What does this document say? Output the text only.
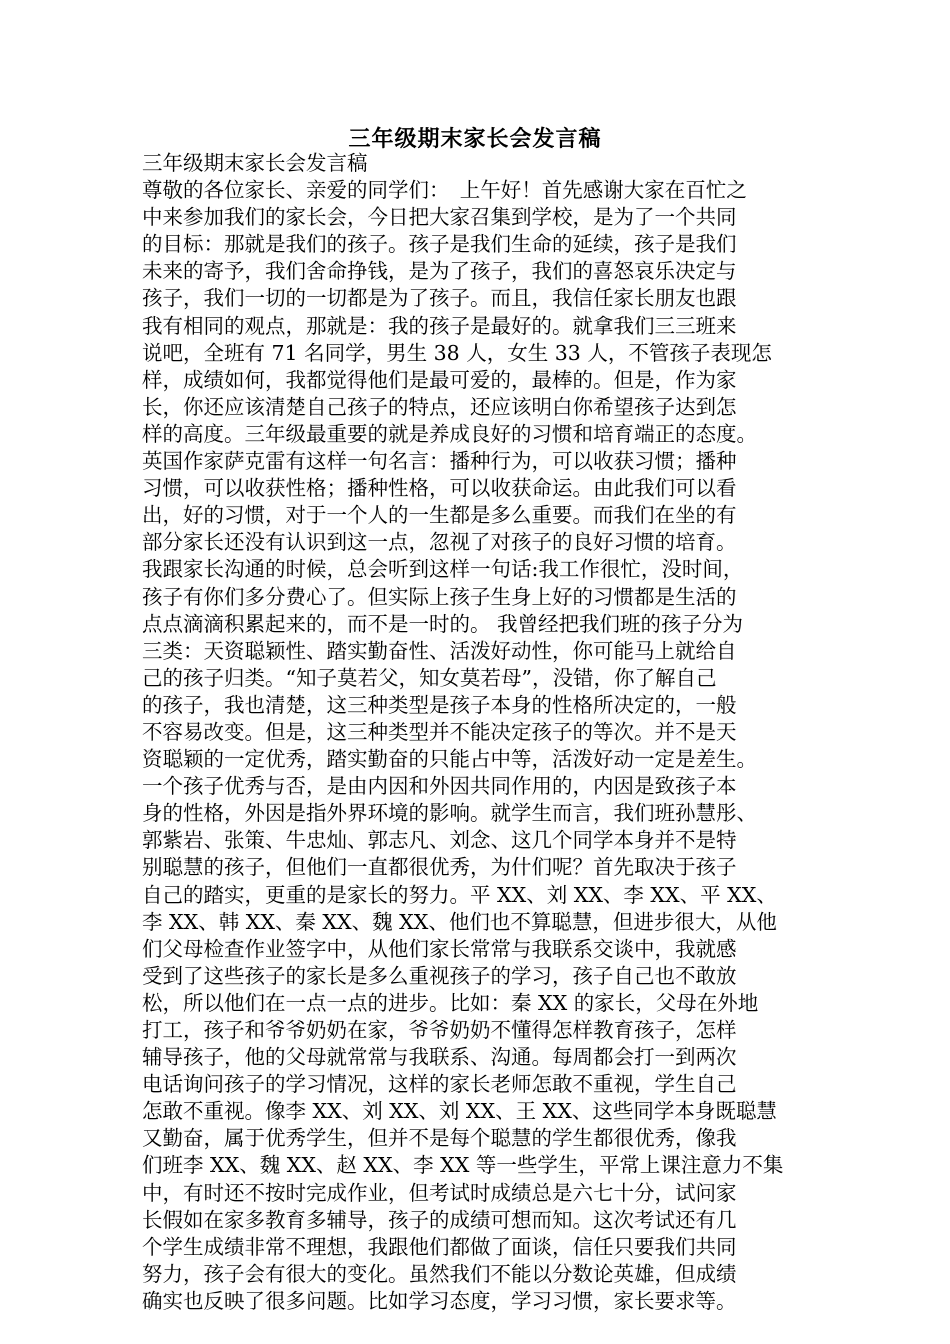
三年级期末家长会发言稿
三年级期末家长会发言稿
尊敬的各位家长、亲爱的同学们：　上午好！首先感谢大家在百忙之
中来参加我们的家长会，今日把大家召集到学校，是为了一个共同
的目标：那就是我们的孩子。孩子是我们生命的延续，孩子是我们
未来的寄予，我们舍命挣钱，是为了孩子，我们的喜怒哀乐决定与
孩子，我们一切的一切都是为了孩子。而且，我信任家长朋友也跟
我有相同的观点，那就是：我的孩子是最好的。就拿我们三三班来
说吧，全班有 71 名同学，男生 38 人，女生 33 人，不管孩子表现怎
样，成绩如何，我都觉得他们是最可爱的，最棒的。但是，作为家
长，你还应该清楚自己孩子的特点，还应该明白你希望孩子达到怎
样的高度。三年级最重要的就是养成良好的习惯和培育端正的态度。
英国作家萨克雷有这样一句名言：播种行为，可以收获习惯；播种
习惯，可以收获性格；播种性格，可以收获命运。由此我们可以看
出，好的习惯，对于一个人的一生都是多么重要。而我们在坐的有
部分家长还没有认识到这一点，忽视了对孩子的良好习惯的培育。
我跟家长沟通的时候，总会听到这样一句话:我工作很忙，没时间，
孩子有你们多分费心了。但实际上孩子生身上好的习惯都是生活的
点点滴滴积累起来的，而不是一时的。 我曾经把我们班的孩子分为
三类：天资聪颖性、踏实勤奋性、活泼好动性，你可能马上就给自
己的孩子归类。“知子莫若父，知女莫若母”，没错，你了解自己
的孩子，我也清楚，这三种类型是孩子本身的性格所决定的，一般
不容易改变。但是，这三种类型并不能决定孩子的等次。并不是天
资聪颖的一定优秀，踏实勤奋的只能占中等，活泼好动一定是差生。
一个孩子优秀与否，是由内因和外因共同作用的，内因是致孩子本
身的性格，外因是指外界环境的影响。就学生而言，我们班孙慧彤、
郭紫岩、张策、牛忠灿、郭志凡、刘念、这几个同学本身并不是特
别聪慧的孩子，但他们一直都很优秀，为什们呢？首先取决于孩子
自己的踏实，更重的是家长的努力。平 XX、刘 XX、李 XX、平 XX、
李 XX、韩 XX、秦 XX、魏 XX、他们也不算聪慧，但进步很大，从他
们父母检查作业签字中，从他们家长常常与我联系交谈中，我就感
受到了这些孩子的家长是多么重视孩子的学习，孩子自己也不敢放
松，所以他们在一点一点的进步。比如：秦 XX 的家长，父母在外地
打工，孩子和爷爷奶奶在家，爷爷奶奶不懂得怎样教育孩子，怎样
辅导孩子，他的父母就常常与我联系、沟通。每周都会打一到两次
电话询问孩子的学习情况，这样的家长老师怎敢不重视，学生自己
怎敢不重视。像李 XX、刘 XX、刘 XX、王 XX、这些同学本身既聪慧
又勤奋，属于优秀学生，但并不是每个聪慧的学生都很优秀，像我
们班李 XX、魏 XX、赵 XX、李 XX 等一些学生，平常上课注意力不集
中，有时还不按时完成作业，但考试时成绩总是六七十分，试问家
长假如在家多教育多辅导，孩子的成绩可想而知。这次考试还有几
个学生成绩非常不理想，我跟他们都做了面谈，信任只要我们共同
努力，孩子会有很大的变化。虽然我们不能以分数论英雄，但成绩
确实也反映了很多问题。比如学习态度，学习习惯，家长要求等。
